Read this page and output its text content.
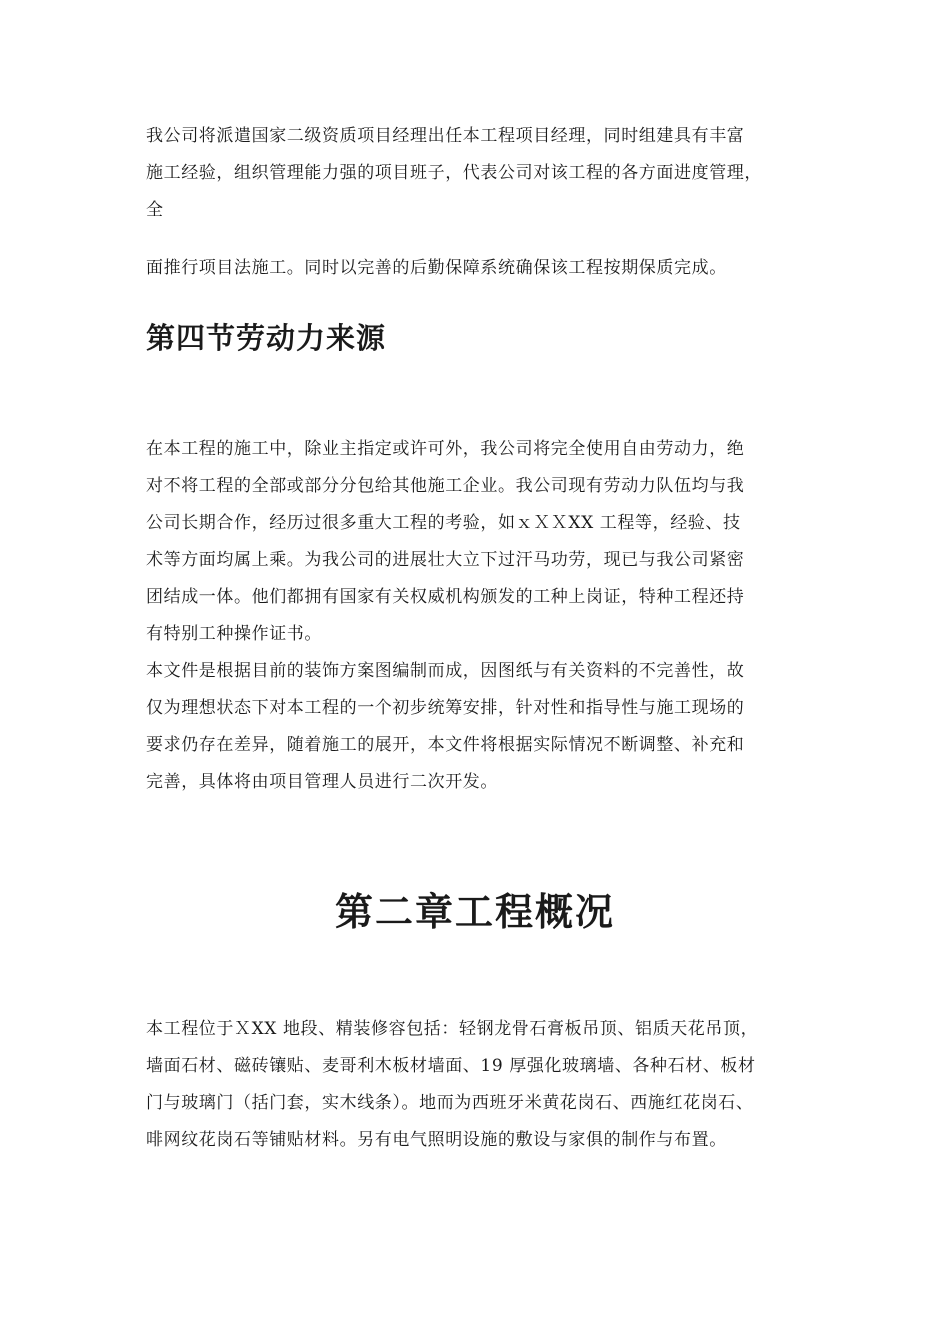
我公司将派遣国家二级资质项目经理出任本工程项目经理，同时组建具有丰富
施工经验，组织管理能力强的项目班子，代表公司对该工程的各方面进度管理，
全

面推行项目法施工。同时以完善的后勤保障系统确保该工程按期保质完成。

第四节劳动力来源

在本工程的施工中，除业主指定或许可外，我公司将完全使用自由劳动力，绝
对不将工程的全部或部分分包给其他施工企业。我公司现有劳动力队伍均与我
公司长期合作，经历过很多重大工程的考验，如ｘＸＸXX 工程等，经验、技
术等方面均属上乘。为我公司的进展壮大立下过汗马功劳，现已与我公司紧密
团结成一体。他们都拥有国家有关权威机构颁发的工种上岗证，特种工程还持
有特别工种操作证书。

本文件是根据目前的装饰方案图编制而成，因图纸与有关资料的不完善性，故
仅为理想状态下对本工程的一个初步统筹安排，针对性和指导性与施工现场的
要求仍存在差异，随着施工的展开，本文件将根据实际情况不断调整、补充和
完善，具体将由项目管理人员进行二次开发。

第二章工程概况

本工程位于ＸXX 地段、精装修容包括：轻钢龙骨石膏板吊顶、铝质天花吊顶，
墙面石材、磁砖镶贴、麦哥利木板材墙面、19 厚强化玻璃墙、各种石材、板材
门与玻璃门（括门套，实木线条）。地而为西班牙米黄花岗石、西施红花岗石、
啡网纹花岗石等铺贴材料。另有电气照明设施的敷设与家俱的制作与布置。
